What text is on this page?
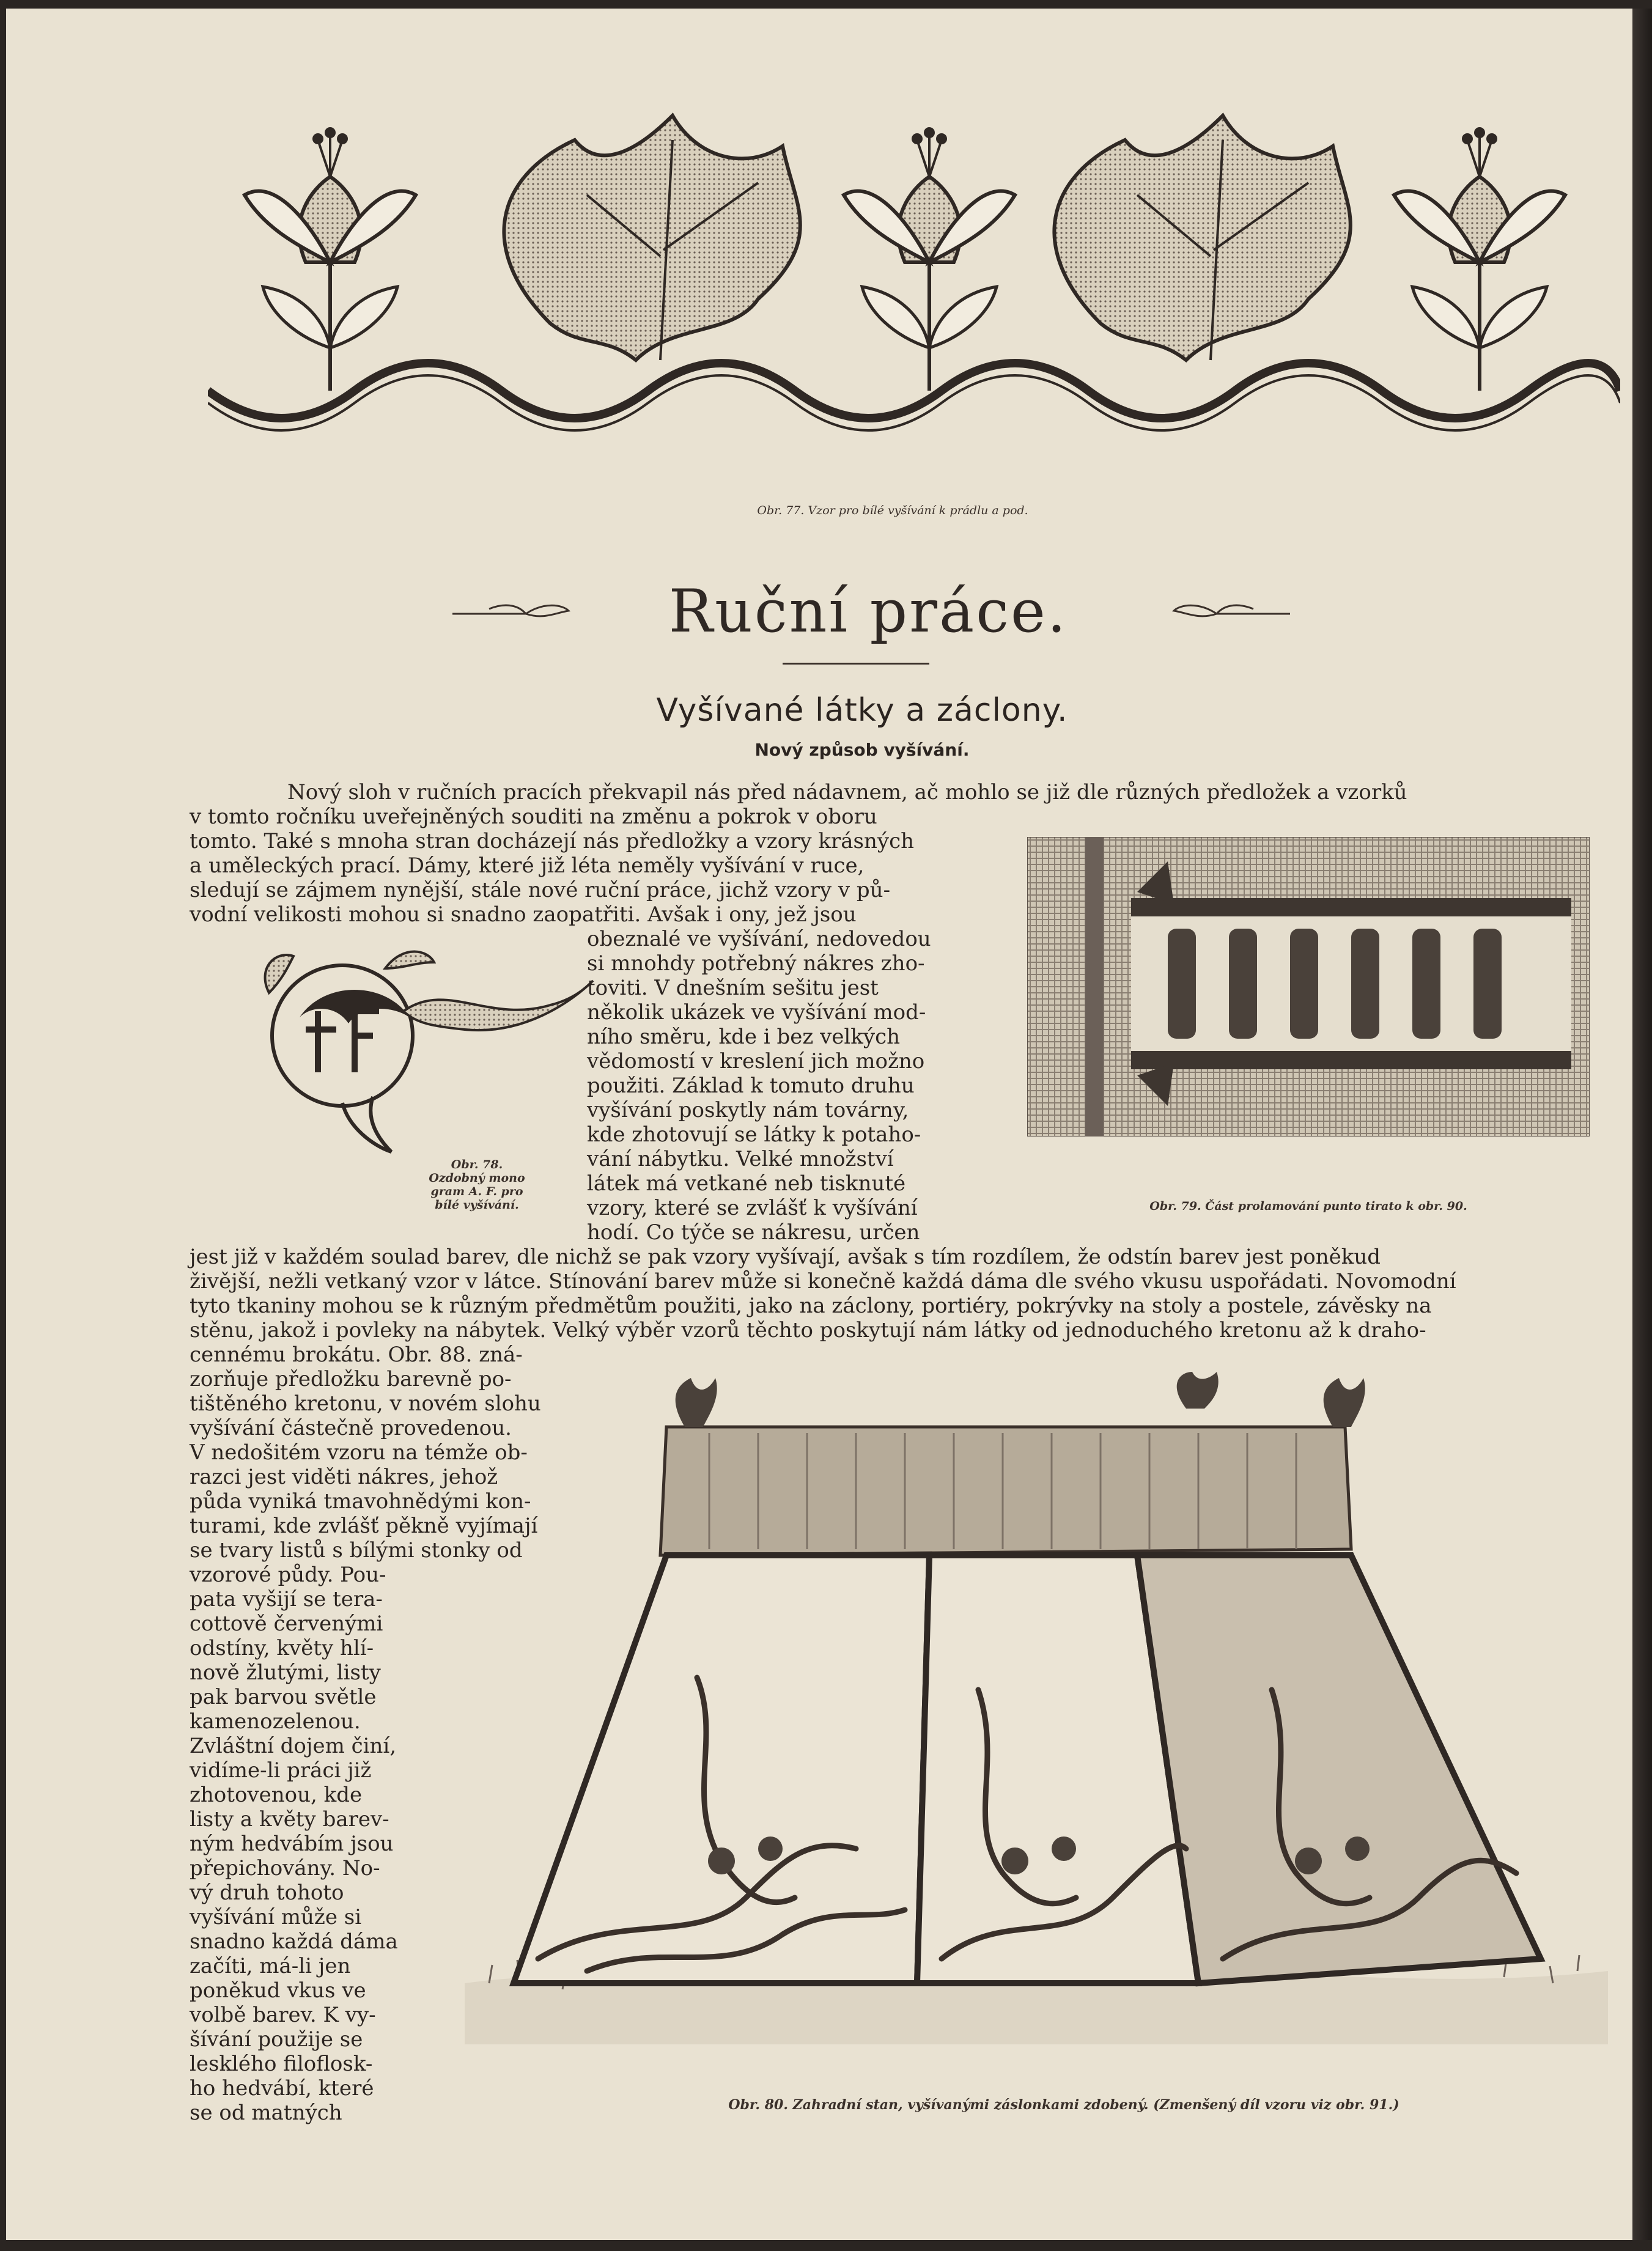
Obr. 77. Vzor pro bílé vyšívání k prádlu a pod.
Ruční práce.
Vyšívané látky a záclony.
Nový způsob vyšívání.
Nový sloh v ručních pracích překvapil nás před nádavnem, ač mohlo se již dle různých předložek a vzorků
v tomto ročníku uveřejněných souditi na změnu a pokrok v oboru
tomto. Také s mnoha stran docházejí nás předložky a vzory krásných
a uměleckých prací. Dámy, které již léta neměly vyšívání v ruce,
sledují se zájmem nynější, stále nové ruční práce, jichž vzory v pů-
vodní velikosti mohou si snadno zaopatřiti. Avšak i ony, jež jsou
Obr. 78.
Ozdobný mono
gram A. F. pro
bílé vyšívání.
obeznalé ve vyšívání, nedovedou
si mnohdy potřebný nákres zho-
toviti. V dnešním sešitu jest
několik ukázek ve vyšívání mod-
ního směru, kde i bez velkých
vědomostí v kreslení jich možno
použiti. Základ k tomuto druhu
vyšívání poskytly nám továrny,
kde zhotovují se látky k potaho-
vání nábytku. Velké množství
látek má vetkané neb tisknuté
vzory, které se zvlášť k vyšívání
hodí. Co týče se nákresu, určen
Obr. 79. Část prolamování punto tirato k obr. 90.
jest již v každém soulad barev, dle nichž se pak vzory vyšívají, avšak s tím rozdílem, že odstín barev jest poněkud
živější, nežli vetkaný vzor v látce. Stínování barev může si konečně každá dáma dle svého vkusu uspořádati. Novomodní
tyto tkaniny mohou se k různým předmětům použiti, jako na záclony, portiéry, pokrývky na stoly a postele, závěsky na
stěnu, jakož i povleky na nábytek. Velký výběr vzorů těchto poskytují nám látky od jednoduchého kretonu až k draho-
cennému brokátu. Obr. 88. zná-
zorňuje předložku barevně po-
tištěného kretonu, v novém slohu
vyšívání částečně provedenou.
V nedošitém vzoru na témže ob-
razci jest viděti nákres, jehož
půda vyniká tmavohnědými kon-
turami, kde zvlášť pěkně vyjímají
se tvary listů s bílými stonky od
vzorové půdy. Pou-
pata vyšijí se tera-
cottově červenými
odstíny, květy hlí-
nově žlutými, listy
pak barvou světle
kamenozelenou.
Zvláštní dojem činí,
vidíme-li práci již
zhotovenou, kde
listy a květy barev-
ným hedvábím jsou
přepichovány. No-
vý druh tohoto
vyšívání může si
snadno každá dáma
začíti, má-li jen
poněkud vkus ve
volbě barev. K vy-
šívání použije se
lesklého filoflosk-
ho hedvábí, které
se od matných	Obr. 80. Zahradní stan, vyšívanými záslonkami zdobený. (Zmenšený díl vzoru viz obr. 91.)
